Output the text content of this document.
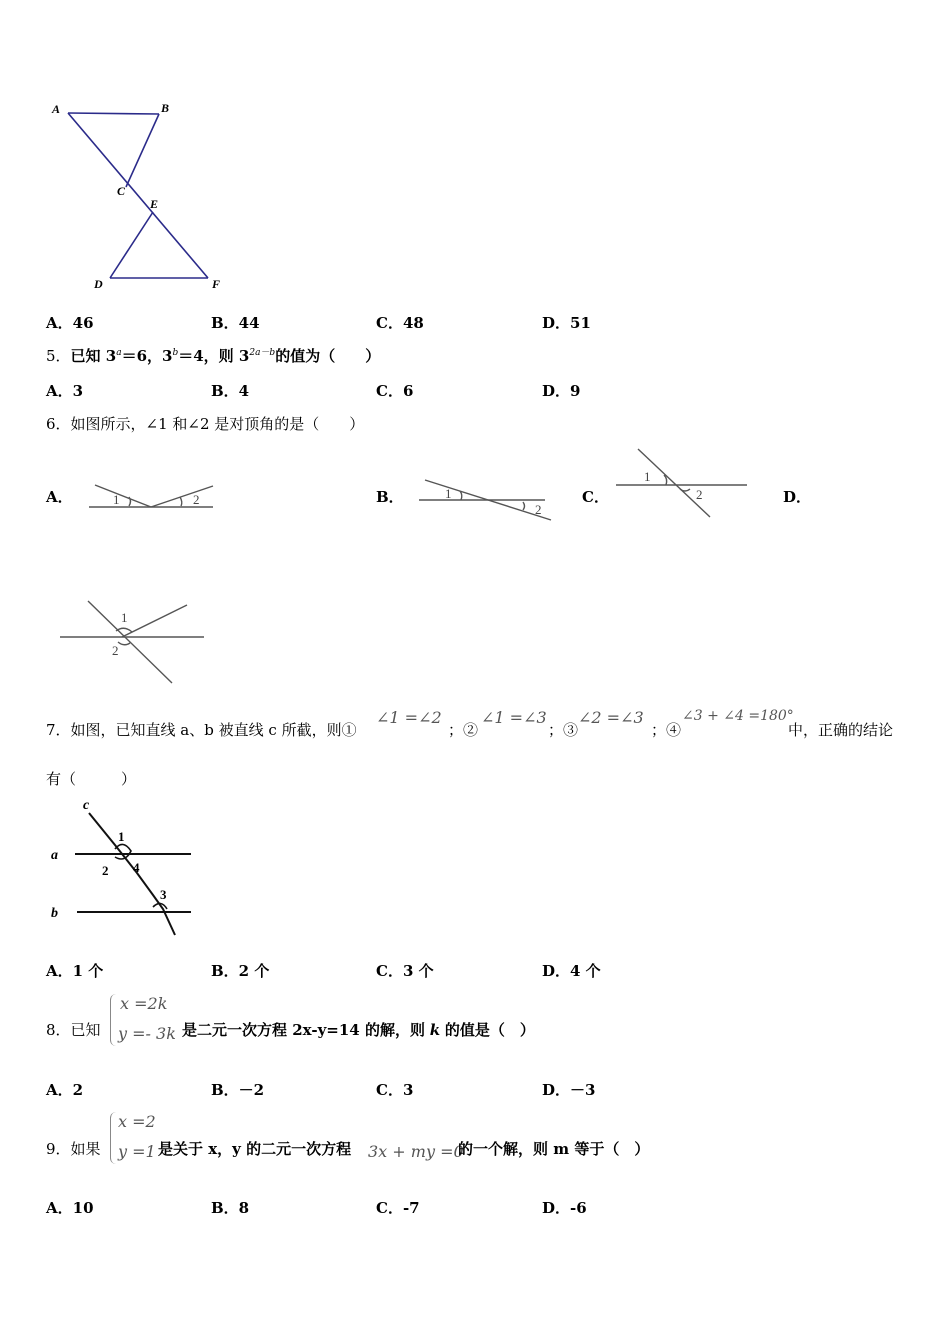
A	B
C
E
D	F
A．46	B．44	C．48	D．51
5．已知 $3^a=6$，$3^b=4$，则 $3^{2a-b}$的值为（　　）
A．3	B．4	C．6	D．9
6．如图所示，∠1 和∠2 是对顶角的是（　　）
A．	1	2	B．	1
2
C．
1
2	D．
1
2
7．如图，已知直线 a、b 被直线 c 所截，则①
∠1 =∠2
；②
∠1 =∠3
；③
∠2 =∠3
；④
∠3 + ∠4 =180°
中，正确的结论
有（　　　）
c
a
b
1
2
3
4
A．1 个	B．2 个	C．3 个	D．4 个
8．已知
x =2k
y =- 3k 是二元一次方程 2x-y=14 的解，则 k 的值是（　）
A．2	B．－2	C．3	D．－3
9．如果
x =2
y =1 是关于 x，y 的二元一次方程 3x + my =0
的一个解，则 m 等于（　）
A．10	B．8	C．-7	D．-6
